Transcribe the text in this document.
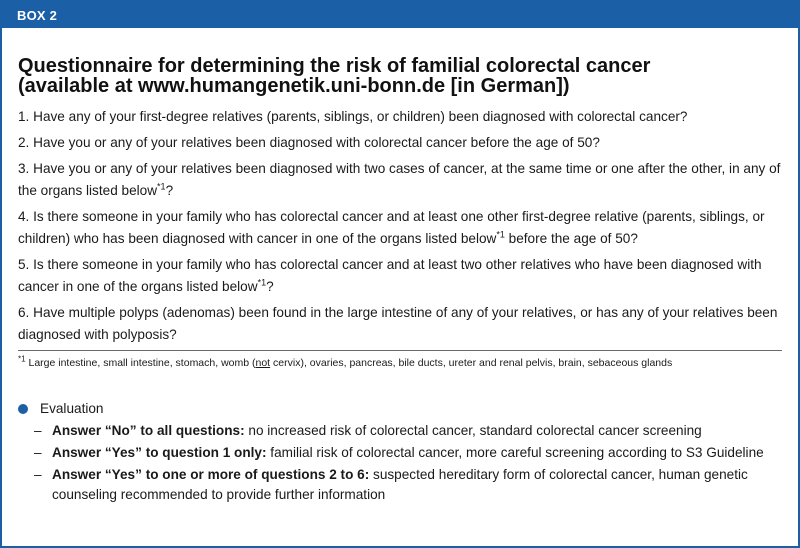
BOX 2
Questionnaire for determining the risk of familial colorectal cancer
(available at www.humangenetik.uni-bonn.de [in German])
1. Have any of your first-degree relatives (parents, siblings, or children) been diagnosed with colorectal cancer?
2. Have you or any of your relatives been diagnosed with colorectal cancer before the age of 50?
3. Have you or any of your relatives been diagnosed with two cases of cancer, at the same time or one after the other, in any of the organs listed below$^{*1}$?
4. Is there someone in your family who has colorectal cancer and at least one other first-degree relative (parents, siblings, or children) who has been diagnosed with cancer in one of the organs listed below$^{*1}$ before the age of 50?
5. Is there someone in your family who has colorectal cancer and at least two other relatives who have been diagnosed with cancer in one of the organs listed below$^{*1}$?
6. Have multiple polyps (adenomas) been found in the large intestine of any of your relatives, or has any of your relatives been diagnosed with polyposis?
$^{*1}$ Large intestine, small intestine, stomach, womb (not cervix), ovaries, pancreas, bile ducts, ureter and renal pelvis, brain, sebaceous glands
Evaluation
– Answer “No” to all questions: no increased risk of colorectal cancer, standard colorectal cancer screening
– Answer “Yes” to question 1 only: familial risk of colorectal cancer, more careful screening according to S3 Guideline
– Answer “Yes” to one or more of questions 2 to 6: suspected hereditary form of colorectal cancer, human genetic counseling recommended to provide further information
